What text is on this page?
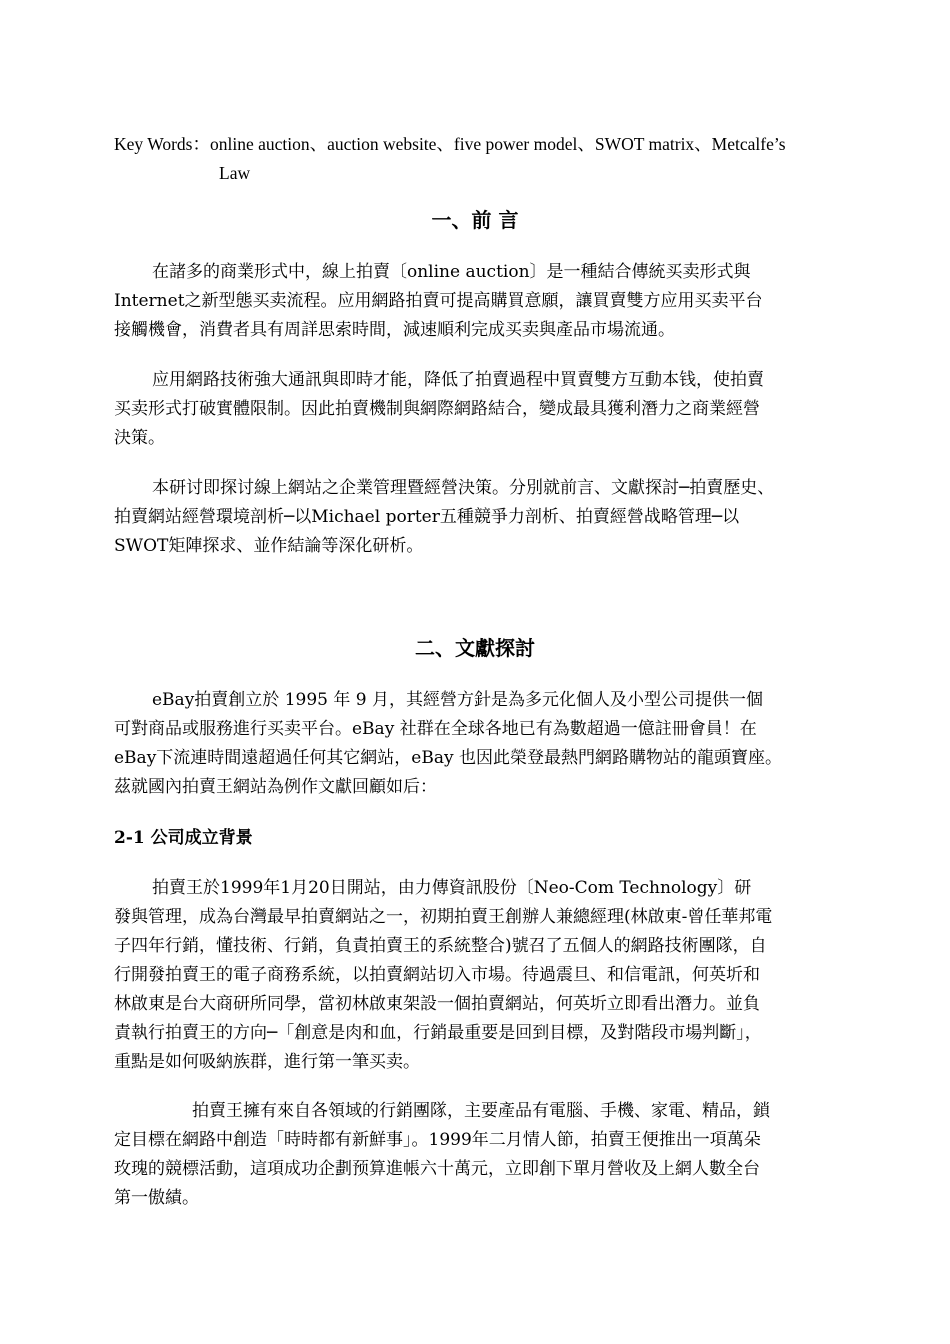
Key Words：online auction、auction website、five power model、SWOT matrix、Metcalfe’s
Law
一、前 言
在諸多的商業形式中，線上拍賣〔online auction〕是一種結合傳統买卖形式與
Internet之新型態买卖流程。应用網路拍賣可提高購買意願，讓買賣雙方应用买卖平台
接觸機會，消費者具有周詳思索時間，減速順利完成买卖與產品市場流通。
应用網路技術強大通訊與即時才能，降低了拍賣過程中買賣雙方互動本钱，使拍賣
买卖形式打破實體限制。因此拍賣機制與網際網路結合，變成最具獲利潛力之商業經營
決策。
本研讨即探讨線上網站之企業管理暨經營決策。分別就前言、文獻探討─拍賣歷史、
拍賣網站經營環境剖析─以Michael porter五種競爭力剖析、拍賣經營战略管理─以
SWOT矩陣探求、並作結論等深化研析。
二、文獻探討
eBay拍賣創立於 1995 年 9 月，其經營方針是為多元化個人及小型公司提供一個
可對商品或服務進行买卖平台。eBay 社群在全球各地已有為數超過一億註冊會員！在
eBay下流連時間遠超過任何其它網站，eBay 也因此榮登最熱門網路購物站的龍頭寶座。
茲就國內拍賣王網站為例作文獻回顧如后：
2-1 公司成立背景
拍賣王於1999年1月20日開站，由力傳資訊股份〔Neo-Com Technology〕研
發與管理，成為台灣最早拍賣網站之一，初期拍賣王創辦人兼總經理(林啟東-曾任華邦電
子四年行銷，懂技術、行銷，負責拍賣王的系統整合)號召了五個人的網路技術團隊，自
行開發拍賣王的電子商務系統，以拍賣網站切入市場。待過震旦、和信電訊，何英圻和
林啟東是台大商研所同學，當初林啟東架設一個拍賣網站，何英圻立即看出潛力。並負
責執行拍賣王的方向─「創意是肉和血，行銷最重要是回到目標，及對階段市場判斷」，
重點是如何吸納族群，進行第一筆买卖。
拍賣王擁有來自各領域的行銷團隊，主要產品有電腦、手機、家電、精品，鎖
定目標在網路中創造「時時都有新鮮事」。1999年二月情人節，拍賣王便推出一項萬朵
玫瑰的競標活動，這項成功企劃预算進帳六十萬元，立即創下單月營收及上網人數全台
第一傲績。
